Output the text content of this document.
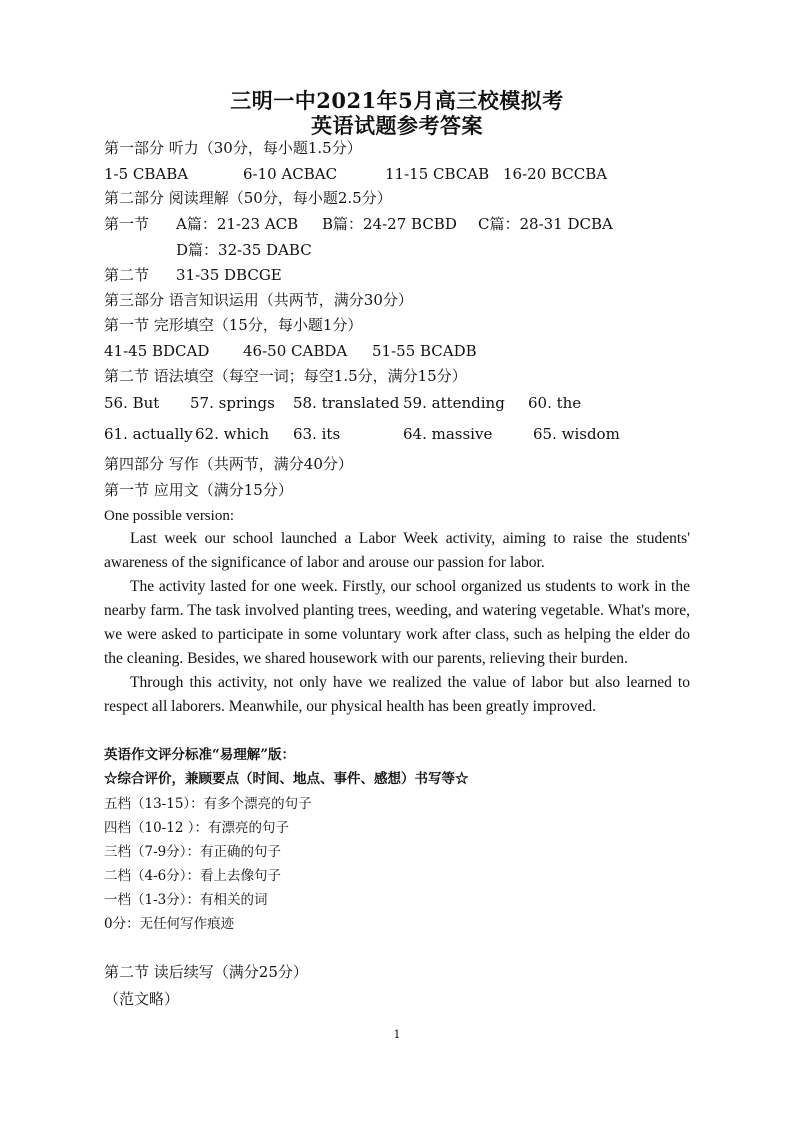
三明一中2021年5月高三校模拟考
英语试题参考答案
第一部分 听力（30分，每小题1.5分）
1-5 CBABA	6-10 ACBAC	11-15 CBCAB 16-20 BCCBA
第二部分 阅读理解（50分，每小题2.5分）
第一节 A篇：21-23 ACB B篇：24-27 BCBD C篇：28-31 DCBA
D篇：32-35 DABC
第二节 31-35 DBCGE
第三部分 语言知识运用（共两节，满分30分）
第一节 完形填空（15分，每小题1分）
41-45 BDCAD 46-50 CABDA 51-55 BCADB
第二节 语法填空（每空一词；每空1.5分，满分15分）
56. But 57. springs 58. translated 59. attending 60. the
61. actually 62. which 63. its	64. massive	65. wisdom
第四部分 写作（共两节，满分40分）
第一节 应用文（满分15分）
One possible version:

Last week our school launched a Labor Week activity, aiming to raise the students' awareness of the significance of labor and arouse our passion for labor.

The activity lasted for one week. Firstly, our school organized us students to work in the nearby farm. The task involved planting trees, weeding, and watering vegetable. What's more, we were asked to participate in some voluntary work after class, such as helping the elder do the cleaning. Besides, we shared housework with our parents, relieving their burden.

Through this activity, not only have we realized the value of labor but also learned to respect all laborers. Meanwhile, our physical health has been greatly improved.

英语作文评分标准“易理解”版：
☆综合评价，兼顾要点（时间、地点、事件、感想）书写等☆
五档（13-15）：有多个漂亮的句子
四档（10-12 ）：有漂亮的句子
三档（7-9分）：有正确的句子
二档（4-6分）：看上去像句子
一档（1-3分）：有相关的词
0分：无任何写作痕迹
第二节 读后续写（满分25分）
（范文略）
1
